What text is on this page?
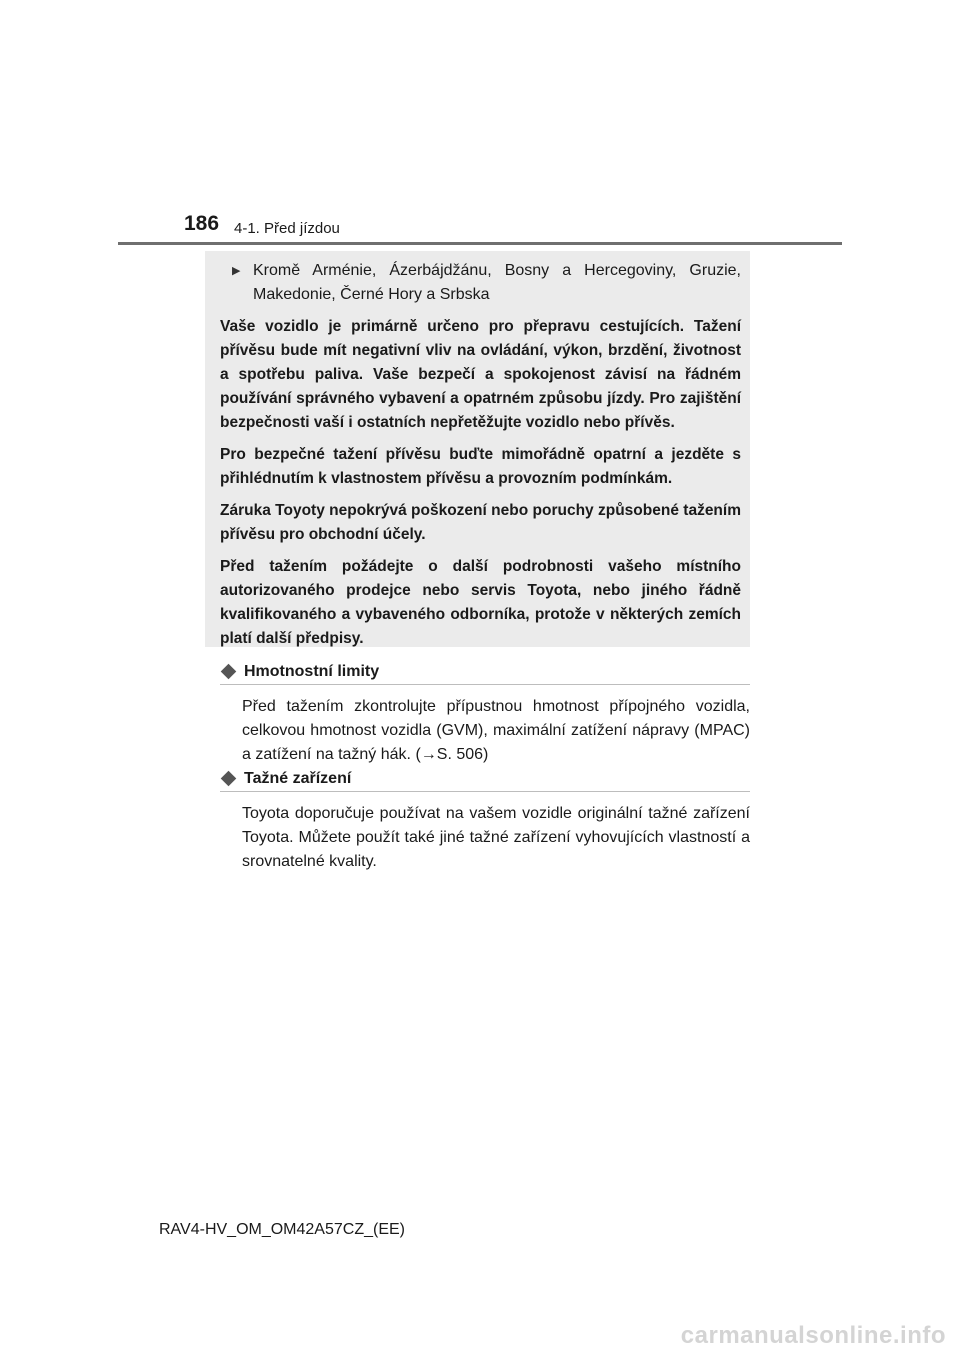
186 4-1. Před jízdou
▶ Kromě Arménie, Ázerbájdžánu, Bosny a Hercegoviny, Gruzie, Makedonie, Černé Hory a Srbska

Vaše vozidlo je primárně určeno pro přepravu cestujících. Tažení přívěsu bude mít negativní vliv na ovládání, výkon, brzdění, životnost a spotřebu paliva. Vaše bezpečí a spokojenost závisí na řádném používání správného vybavení a opatrném způsobu jízdy. Pro zajištění bezpečnosti vaší i ostatních nepřetěžujte vozidlo nebo přívěs.

Pro bezpečné tažení přívěsu buďte mimořádně opatrní a jezděte s přihlédnutím k vlastnostem přívěsu a provozním podmínkám.

Záruka Toyoty nepokrývá poškození nebo poruchy způsobené tažením přívěsu pro obchodní účely.

Před tažením požádejte o další podrobnosti vašeho místního autorizovaného prodejce nebo servis Toyota, nebo jiného řádně kvalifikovaného a vybaveného odborníka, protože v některých zemích platí další předpisy.

Hmotnostní limity
Před tažením zkontrolujte přípustnou hmotnost přípojného vozidla, celkovou hmotnost vozidla (GVM), maximální zatížení nápravy (MPAC) a zatížení na tažný hák. (→S. 506)
Tažné zařízení
Toyota doporučuje používat na vašem vozidle originální tažné zařízení Toyota. Můžete použít také jiné tažné zařízení vyhovujících vlastností a srovnatelné kvality.
RAV4-HV_OM_OM42A57CZ_(EE)
carmanualsonline.info
